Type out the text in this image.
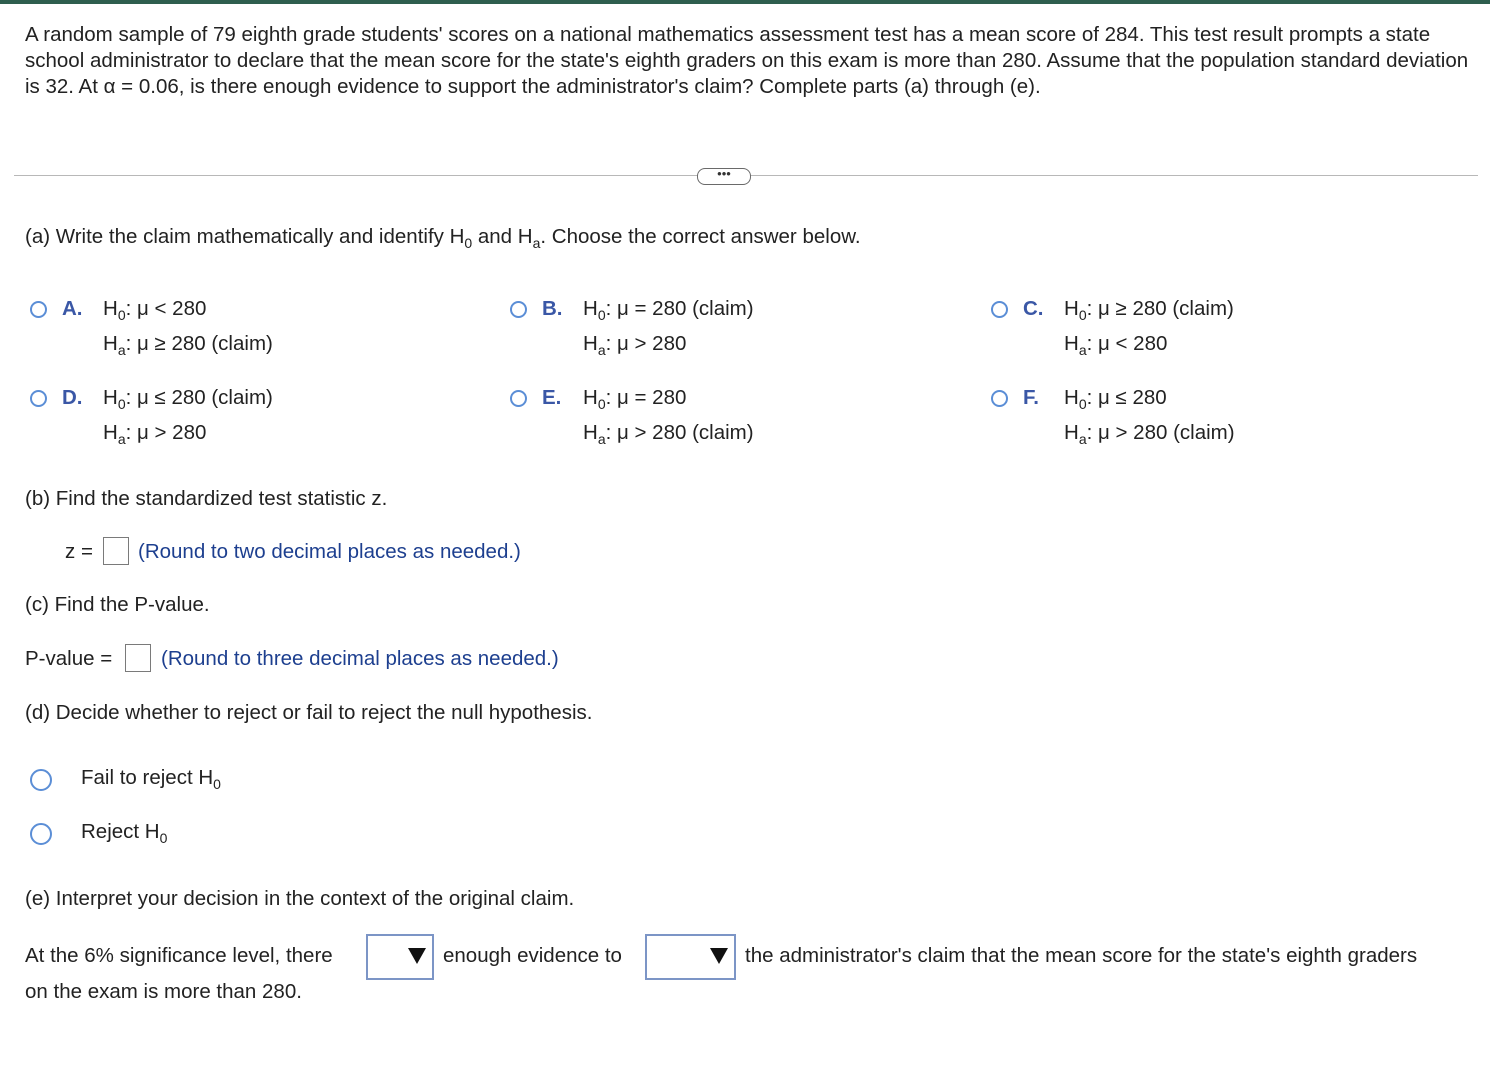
A random sample of 79 eighth grade students' scores on a national mathematics assessment test has a mean score of 284. This test result prompts a state school administrator to declare that the mean score for the state's eighth graders on this exam is more than 280. Assume that the population standard deviation is 32. At α = 0.06, is there enough evidence to support the administrator's claim? Complete parts (a) through (e).
•••
(a) Write the claim mathematically and identify $H_0$ and $H_a$. Choose the correct answer below.
A. $H_0$: μ < 280
$H_a$: μ ≥ 280 (claim)
B. $H_0$: μ = 280 (claim)
$H_a$: μ > 280
C. $H_0$: μ ≥ 280 (claim)
$H_a$: μ < 280
D. $H_0$: μ ≤ 280 (claim)
$H_a$: μ > 280
E. $H_0$: μ = 280
$H_a$: μ > 280 (claim)
F. $H_0$: μ ≤ 280
$H_a$: μ > 280 (claim)
(b) Find the standardized test statistic z.
z = (Round to two decimal places as needed.)
(c) Find the P-value.
P-value = (Round to three decimal places as needed.)
(d) Decide whether to reject or fail to reject the null hypothesis.
Fail to reject $H_0$
Reject $H_0$
(e) Interpret your decision in the context of the original claim.
At the 6% significance level, there	enough evidence to	the administrator's claim that the mean score for the state's eighth graders
on the exam is more than 280.
